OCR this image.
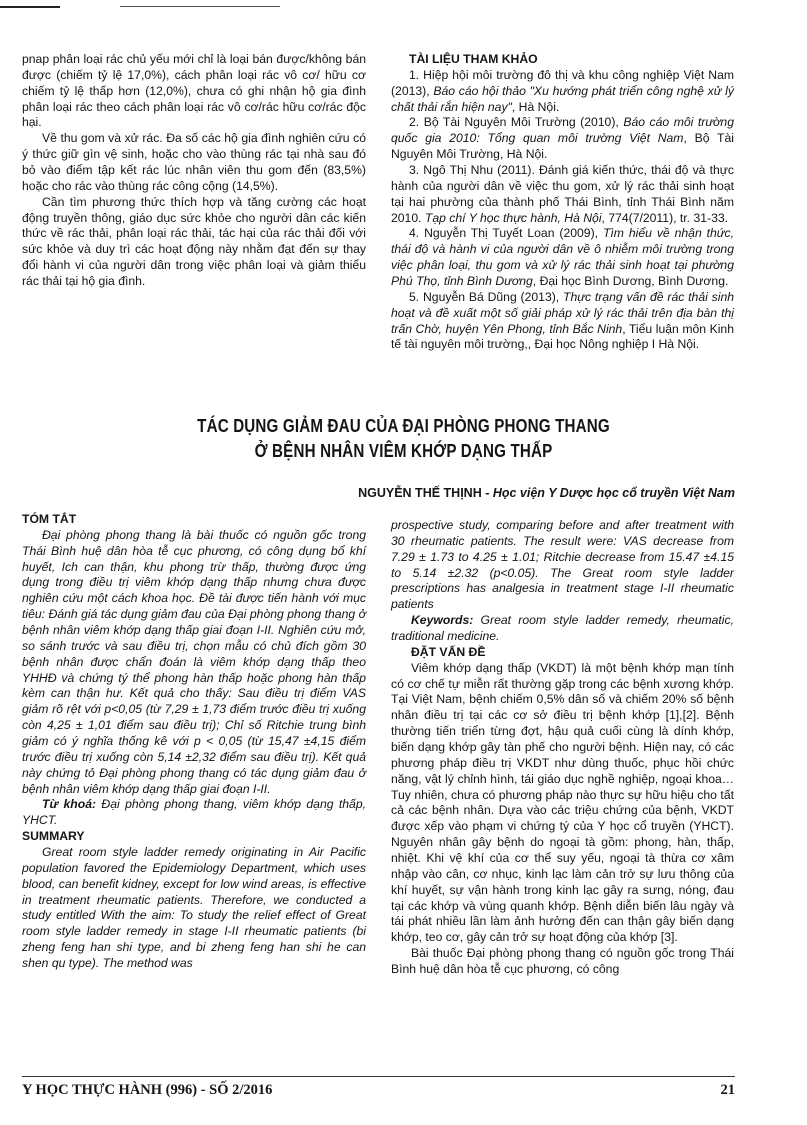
pnap phân loại rác chủ yếu mới chỉ là loại bán được/không bán được (chiếm tỷ lệ 17,0%), cách phân loại rác vô cơ/ hữu cơ chiếm tỷ lệ thấp hơn (12,0%), chưa có ghi nhận hộ gia đình phân loại rác theo cách phân loại rác vô cơ/rác hữu cơ/rác độc hại.

Về thu gom và xử rác. Đa số các hộ gia đình nghiên cứu có ý thức giữ gìn vệ sinh, hoặc cho vào thùng rác tại nhà sau đó bỏ vào điểm tập kết rác lúc nhân viên thu gom đến (83,5%) hoặc cho rác vào thùng rác công cộng (14,5%).

Cần tìm phương thức thích hợp và tăng cường các hoạt động truyền thông, giáo dục sức khỏe cho người dân các kiến thức về rác thải, phân loại rác thải, tác hại của rác thải đối với sức khỏe và duy trì các hoạt động này nhằm đạt đến sự thay đổi hành vi của người dân trong việc phân loại và giảm thiểu rác thải tại hộ gia đình.

TÀI LIỆU THAM KHẢO

1. Hiệp hội môi trường đô thị và khu công nghiệp Việt Nam (2013), Báo cáo hội thảo "Xu hướng phát triển công nghệ xử lý chất thải rắn hiện nay", Hà Nội.

2. Bộ Tài Nguyên Môi Trường (2010), Báo cáo môi trường quốc gia 2010: Tổng quan môi trường Việt Nam, Bộ Tài Nguyên Môi Trường, Hà Nội.

3. Ngô Thị Nhu (2011). Đánh giá kiến thức, thái độ và thực hành của người dân về việc thu gom, xử lý rác thải sinh hoạt tại hai phường của thành phố Thái Bình, tỉnh Thái Bình năm 2010. Tạp chí Y học thực hành, Hà Nội, 774(7/2011), tr. 31-33.

4. Nguyễn Thị Tuyết Loan (2009), Tìm hiểu về nhận thức, thái độ và hành vi của người dân về ô nhiễm môi trường trong việc phân loại, thu gom và xử lý rác thải sinh hoạt tại phường Phú Thọ, tỉnh Bình Dương, Đại học Bình Dương, Bình Dương.

5. Nguyễn Bá Dũng (2013), Thực trạng vấn đề rác thải sinh hoạt và đề xuất một số giải pháp xử lý rác thải trên địa bàn thị trấn Chờ, huyện Yên Phong, tỉnh Bắc Ninh, Tiểu luận môn Kinh tế tài nguyên môi trường,, Đại học Nông nghiệp I Hà Nội.

TÁC DỤNG GIẢM ĐAU CỦA ĐẠI PHÒNG PHONG THANG
Ở BỆNH NHÂN VIÊM KHỚP DẠNG THẤP
NGUYỄN THẾ THỊNH - Học viện Y Dược học cổ truyền Việt Nam

TÓM TẮT

Đại phòng phong thang là bài thuốc có nguồn gốc trong Thái Bình huệ dân hòa tễ cục phương, có công dụng bổ khí huyết, Ich can thận, khu phong trừ thấp, thường được ứng dụng trong điều trị viêm khớp dạng thấp nhưng chưa được nghiên cứu một cách khoa học. Đề tài được tiến hành với mục tiêu: Đánh giá tác dụng giảm đau của Đại phòng phong thang ở bệnh nhân viêm khớp dạng thấp giai đoạn I-II. Nghiên cứu mở, so sánh trước và sau điều trị, chọn mẫu có chủ đích gồm 30 bệnh nhân được chẩn đoán là viêm khớp dạng thấp theo YHHĐ và chứng tý thể phong hàn thấp hoặc phong hàn thấp kèm can thận hư. Kết quả cho thấy: Sau điều trị điểm VAS giảm rõ rệt với p<0,05 (từ 7,29 ± 1,73 điểm trước điều trị xuống còn 4,25 ± 1,01 điểm sau điều trị); Chỉ số Ritchie trung bình giảm có ý nghĩa thống kê với p < 0,05 (từ 15,47 ±4,15 điểm trước điều trị xuống còn 5,14 ±2,32 điểm sau điều trị). Kết quả này chứng tỏ Đại phòng phong thang có tác dụng giảm đau ở bệnh nhân viêm khớp dạng thấp giai đoạn I-II.

Từ khoá: Đại phòng phong thang, viêm khớp dạng thấp, YHCT.

SUMMARY

Great room style ladder remedy originating in Air Pacific population favored the Epidemiology Department, which uses blood, can benefit kidney, except for low wind areas, is effective in treatment rheumatic patients. Therefore, we conducted a study entitled With the aim: To study the relief effect of Great room style ladder remedy in stage I-II rheumatic patients (bi zheng feng han shi type, and bi zheng feng han shi he can shen qu type). The method was

prospective study, comparing before and after treatment with 30 rheumatic patients. The result were: VAS decrease from 7.29 ± 1.73 to 4.25 ± 1.01; Ritchie decrease from 15.47 ±4.15 to 5.14 ±2.32 (p<0.05). The Great room style ladder prescriptions has analgesia in treatment stage I-II rheumatic patients

Keywords: Great room style ladder remedy, rheumatic, traditional medicine.

ĐẶT VẤN ĐỀ

Viêm khớp dạng thấp (VKDT) là một bệnh khớp mạn tính có cơ chế tự miễn rất thường gặp trong các bệnh xương khớp. Tại Việt Nam, bệnh chiếm 0,5% dân số và chiếm 20% số bệnh nhân điều trị tại các cơ sở điều trị bệnh khớp [1],[2]. Bệnh thường tiến triển từng đợt, hậu quả cuối cùng là dính khớp, biến dạng khớp gây tàn phế cho người bệnh. Hiện nay, có các phương pháp điều trị VKDT như dùng thuốc, phục hồi chức năng, vật lý chỉnh hình, tái giáo dục nghề nghiệp, ngoại khoa… Tuy nhiên, chưa có phương pháp nào thực sự hữu hiệu cho tất cả các bệnh nhân. Dựa vào các triệu chứng của bệnh, VKDT được xếp vào phạm vi chứng tý của Y học cổ truyền (YHCT). Nguyên nhân gây bệnh do ngoại tà gồm: phong, hàn, thấp, nhiệt. Khi vệ khí của cơ thể suy yếu, ngoại tà thừa cơ xâm nhập vào cân, cơ nhục, kinh lạc làm cản trở sự lưu thông của khí huyết, sự vận hành trong kinh lạc gây ra sưng, nóng, đau tại các khớp và vùng quanh khớp. Bệnh diễn biến lâu ngày và tái phát nhiều lần làm ảnh hưởng đến can thận gây biến dạng khớp, teo cơ, gây cản trở sự hoạt động của khớp [3].

Bài thuốc Đại phòng phong thang có nguồn gốc trong Thái Bình huệ dân hòa tễ cục phương, có công

Y HỌC THỰC HÀNH (996) - SỐ 2/2016	21
